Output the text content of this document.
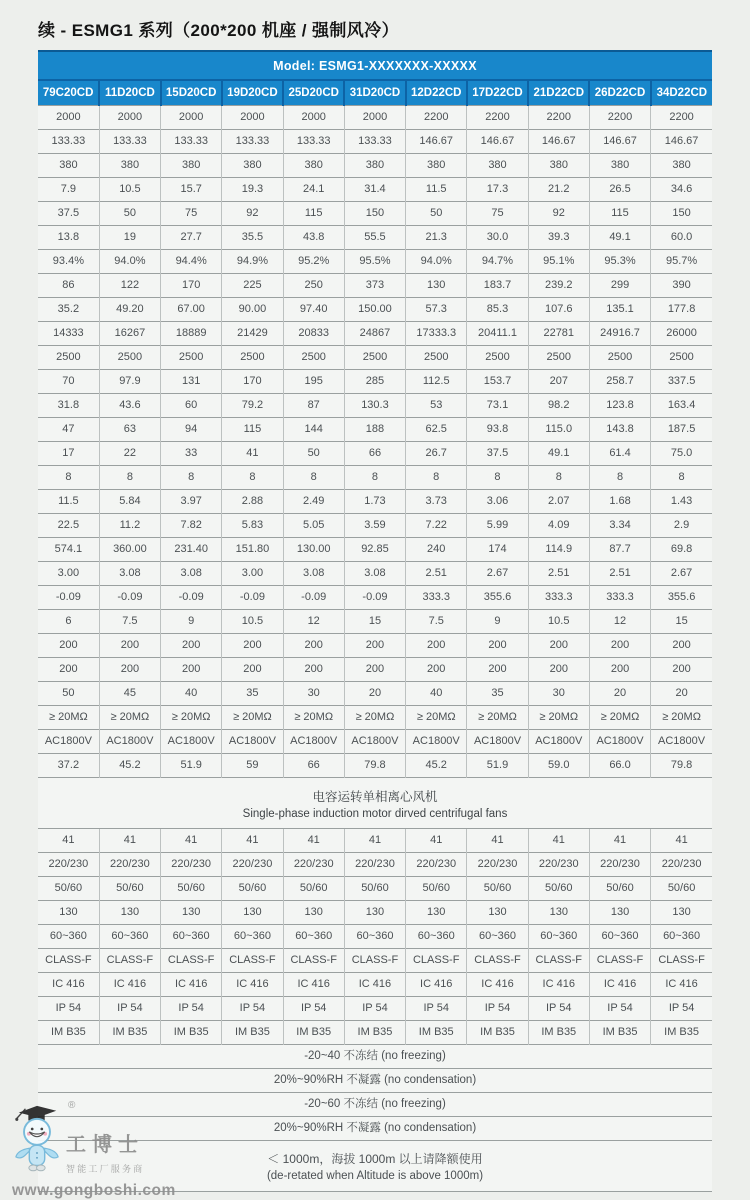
续 - ESMG1 系列（200*200 机座 / 强制风冷）
Model: ESMG1-XXXXXXX-XXXXX										
79C20CD	11D20CD	15D20CD	19D20CD	25D20CD	31D20CD	12D22CD	17D22CD	21D22CD	26D22CD	34D22CD
2000	2000	2000	2000	2000	2000	2200	2200	2200	2200	2200
133.33	133.33	133.33	133.33	133.33	133.33	146.67	146.67	146.67	146.67	146.67
380	380	380	380	380	380	380	380	380	380	380
7.9	10.5	15.7	19.3	24.1	31.4	11.5	17.3	21.2	26.5	34.6
37.5	50	75	92	115	150	50	75	92	115	150
13.8	19	27.7	35.5	43.8	55.5	21.3	30.0	39.3	49.1	60.0
93.4%	94.0%	94.4%	94.9%	95.2%	95.5%	94.0%	94.7%	95.1%	95.3%	95.7%
86	122	170	225	250	373	130	183.7	239.2	299	390
35.2	49.20	67.00	90.00	97.40	150.00	57.3	85.3	107.6	135.1	177.8
14333	16267	18889	21429	20833	24867	17333.3	20411.1	22781	24916.7	26000
2500	2500	2500	2500	2500	2500	2500	2500	2500	2500	2500
70	97.9	131	170	195	285	112.5	153.7	207	258.7	337.5
31.8	43.6	60	79.2	87	130.3	53	73.1	98.2	123.8	163.4
47	63	94	115	144	188	62.5	93.8	115.0	143.8	187.5
17	22	33	41	50	66	26.7	37.5	49.1	61.4	75.0
8	8	8	8	8	8	8	8	8	8	8
11.5	5.84	3.97	2.88	2.49	1.73	3.73	3.06	2.07	1.68	1.43
22.5	11.2	7.82	5.83	5.05	3.59	7.22	5.99	4.09	3.34	2.9
574.1	360.00	231.40	151.80	130.00	92.85	240	174	114.9	87.7	69.8
3.00	3.08	3.08	3.00	3.08	3.08	2.51	2.67	2.51	2.51	2.67
-0.09	-0.09	-0.09	-0.09	-0.09	-0.09	333.3	355.6	333.3	333.3	355.6
6	7.5	9	10.5	12	15	7.5	9	10.5	12	15
200	200	200	200	200	200	200	200	200	200	200
200	200	200	200	200	200	200	200	200	200	200
50	45	40	35	30	20	40	35	30	20	20
≥ 20MΩ	≥ 20MΩ	≥ 20MΩ	≥ 20MΩ	≥ 20MΩ	≥ 20MΩ	≥ 20MΩ	≥ 20MΩ	≥ 20MΩ	≥ 20MΩ	≥ 20MΩ
AC1800V	AC1800V	AC1800V	AC1800V	AC1800V	AC1800V	AC1800V	AC1800V	AC1800V	AC1800V	AC1800V
37.2	45.2	51.9	59	66	79.8	45.2	51.9	59.0	66.0	79.8

电容运转单相离心风机
Single-phase induction motor dirved centrifugal fans										

41	41	41	41	41	41	41	41	41	41	41
220/230	220/230	220/230	220/230	220/230	220/230	220/230	220/230	220/230	220/230	220/230
50/60	50/60	50/60	50/60	50/60	50/60	50/60	50/60	50/60	50/60	50/60
130	130	130	130	130	130	130	130	130	130	130
60~360	60~360	60~360	60~360	60~360	60~360	60~360	60~360	60~360	60~360	60~360
CLASS-F	CLASS-F	CLASS-F	CLASS-F	CLASS-F	CLASS-F	CLASS-F	CLASS-F	CLASS-F	CLASS-F	CLASS-F
IC 416	IC 416	IC 416	IC 416	IC 416	IC 416	IC 416	IC 416	IC 416	IC 416	IC 416
IP 54	IP 54	IP 54	IP 54	IP 54	IP 54	IP 54	IP 54	IP 54	IP 54	IP 54
IM B35	IM B35	IM B35	IM B35	IM B35	IM B35	IM B35	IM B35	IM B35	IM B35	IM B35
-20~40 不冻结 (no freezing)										
20%~90%RH 不凝露 (no condensation)										
-20~60 不冻结 (no freezing)										
20%~90%RH 不凝露 (no condensation)										

＜ 1000m，海拔 1000m 以上请降额使用
(de-retated when Altitude is above 1000m)										
®
工博士
智能工厂服务商
www.gongboshi.com
